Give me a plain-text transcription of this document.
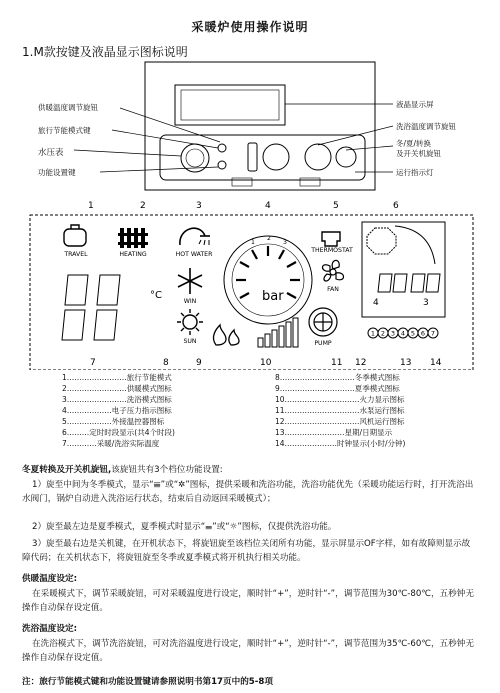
采暖炉使用操作说明
1.M款按键及液晶显示图标说明
°C
4	3
1 2 3 4 5 6 7
1	2	3	4	5	6
7	8	9	10	11 12	13 14
TRAVEL	HEATING	HOT WATER
THERMOSTAT
WIN
SUN
FAN
PUMP
1
2
3
bar
供暖温度调节旋钮
旅行节能模式键
水压表
功能设置键
液晶显示屏
洗浴温度调节旋钮
冬/夏/转换
及开关机旋钮
运行指示灯
1……………………旅行节能模式
2……………………供暖模式图标
3……………………洗浴模式图标
4………………电子压力指示图标
5………………外接温控器图标
6………定时时段显示(共4个时段)
7…………采暖/洗浴实际温度
8…………………………冬季模式图标
9…………………………夏季模式图标
10…………………………火力显示图标
11…………………………水泵运行图标
12…………………………风机运行图标
13……………………星期/日期显示
14…………………时钟显示(小时/分钟)
冬夏转换及开关机旋钮,该旋钮共有3个档位功能设置:
1）旋至中间为冬季模式，显示“𝍣”或“✲”图标，提供采暖和洗浴功能，洗浴功能优先（采暖功能运行时，打开洗浴出水阀门，锅炉自动进入洗浴运行状态，结束后自动返回采暖模式）；
2）旋至最左边是夏季模式，夏季模式时显示“𝍢”或“☼”图标，仅提供洗浴功能。
3）旋至最右边是关机键，在开机状态下，将旋钮旋至该档位关闭所有功能，显示屏显示OF字样，如有故障则显示故障代码；在关机状态下，将旋钮旋至冬季或夏季模式将开机执行相关功能。
供暖温度设定:
在采暖模式下，调节采暖旋钮，可对采暖温度进行设定，顺时针“+”，逆时针“-”，调节范围为30℃-80℃，五秒钟无操作自动保存设定值。
洗浴温度设定:
在洗浴模式下，调节洗浴旋钮，可对洗浴温度进行设定，顺时针“+”，逆时针“-”，调节范围为35℃-60℃，五秒钟无操作自动保存设定值。
注：旅行节能模式键和功能设置键请参照说明书第17页中的5-8项
